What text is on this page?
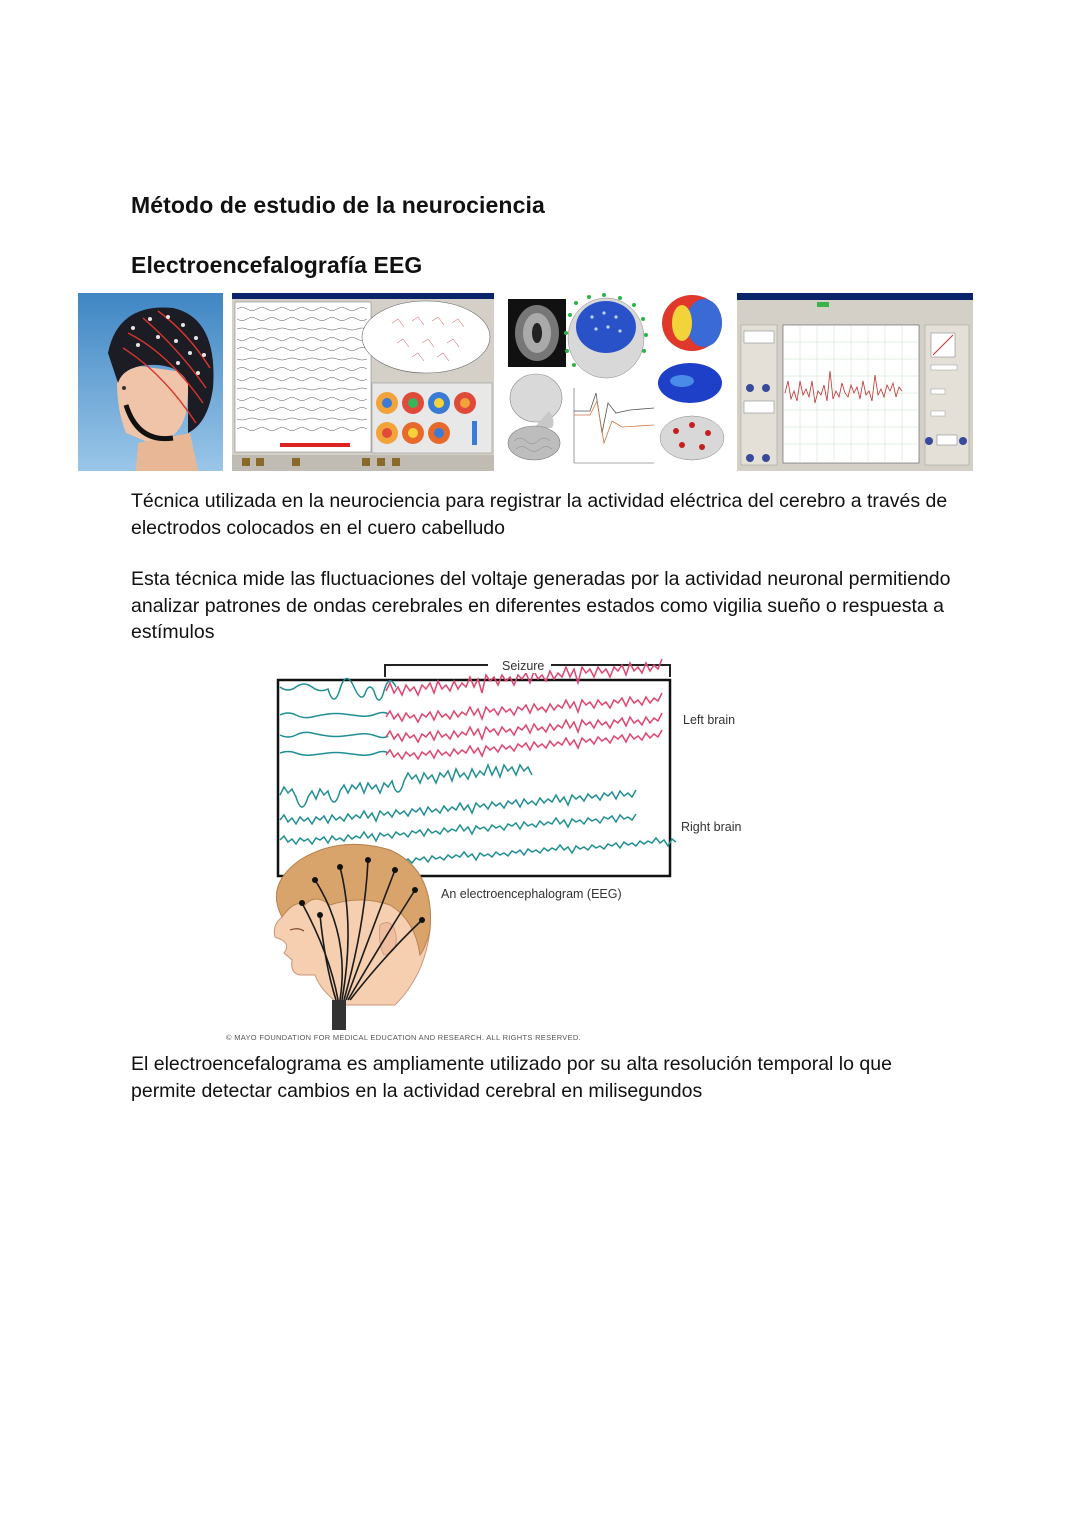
Método de estudio de la neurociencia
Electroencefalografía EEG

Técnica utilizada en la neurociencia para registrar la actividad eléctrica del cerebro a través de electrodos colocados en el cuero cabelludo

Esta técnica mide las fluctuaciones del voltaje generadas por la actividad neuronal permitiendo analizar patrones de ondas cerebrales en diferentes estados como vigilia sueño o respuesta a estímulos

Seizure
Left brain
Right brain
An electroencephalogram (EEG)
© MAYO FOUNDATION FOR MEDICAL EDUCATION AND RESEARCH. ALL RIGHTS RESERVED.

El electroencefalograma es ampliamente utilizado por su alta resolución temporal lo que permite detectar cambios en la actividad cerebral en milisegundos
